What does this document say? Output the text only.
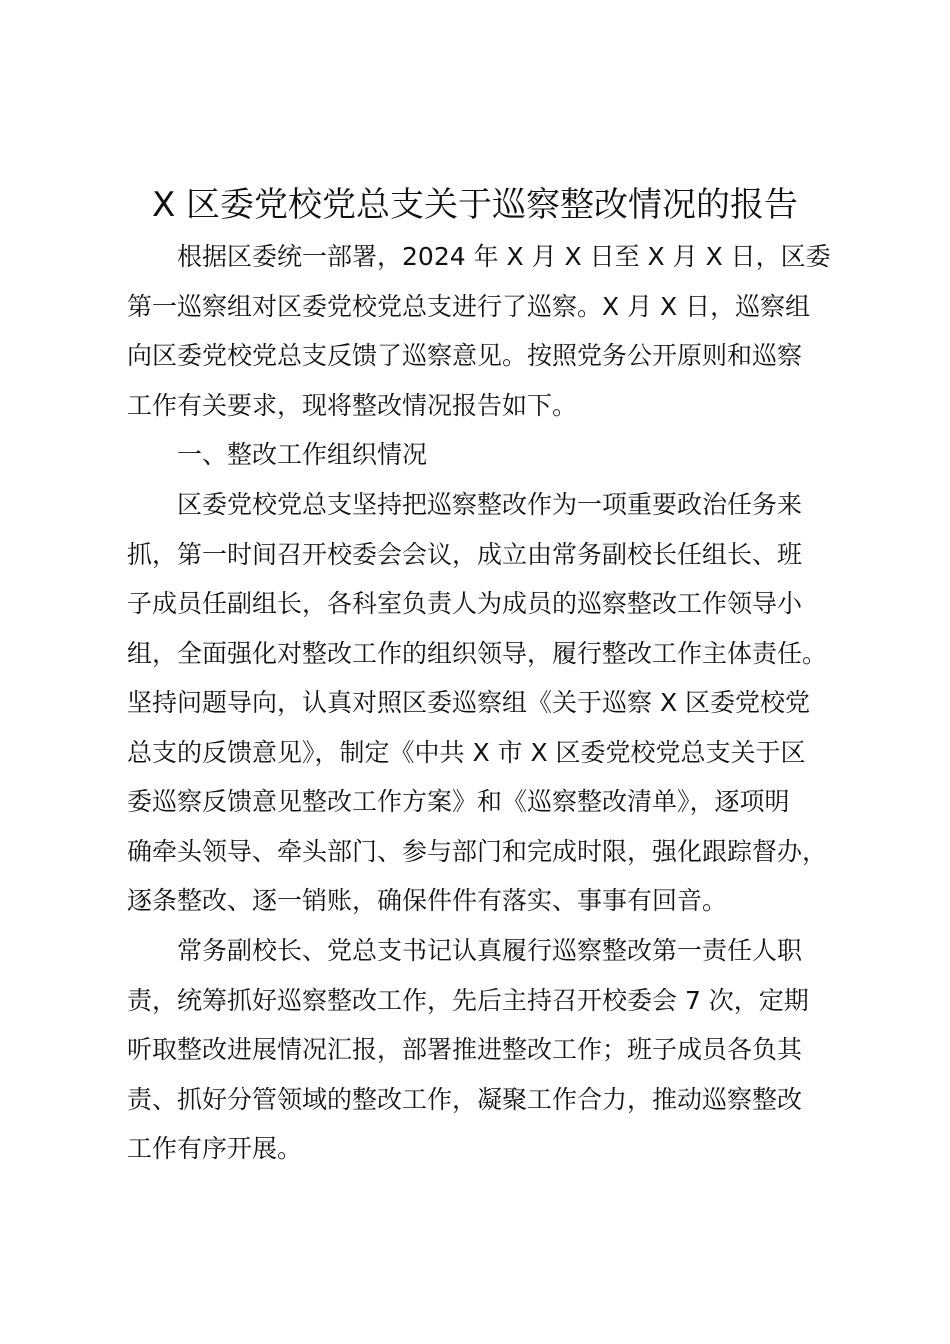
X 区委党校党总支关于巡察整改情况的报告

　　根据区委统一部署，2024 年 X 月 X 日至 X 月 X 日，区委
第一巡察组对区委党校党总支进行了巡察。X 月 X 日，巡察组
向区委党校党总支反馈了巡察意见。按照党务公开原则和巡察
工作有关要求，现将整改情况报告如下。

　　一、整改工作组织情况

　　区委党校党总支坚持把巡察整改作为一项重要政治任务来
抓，第一时间召开校委会会议，成立由常务副校长任组长、班
子成员任副组长，各科室负责人为成员的巡察整改工作领导小
组，全面强化对整改工作的组织领导，履行整改工作主体责任。
坚持问题导向，认真对照区委巡察组《关于巡察 X 区委党校党
总支的反馈意见》，制定《中共 X 市 X 区委党校党总支关于区
委巡察反馈意见整改工作方案》和《巡察整改清单》，逐项明
确牵头领导、牵头部门、参与部门和完成时限，强化跟踪督办，
逐条整改、逐一销账，确保件件有落实、事事有回音。

　　常务副校长、党总支书记认真履行巡察整改第一责任人职
责，统筹抓好巡察整改工作，先后主持召开校委会 7 次，定期
听取整改进展情况汇报，部署推进整改工作；班子成员各负其
责、抓好分管领域的整改工作，凝聚工作合力，推动巡察整改
工作有序开展。
